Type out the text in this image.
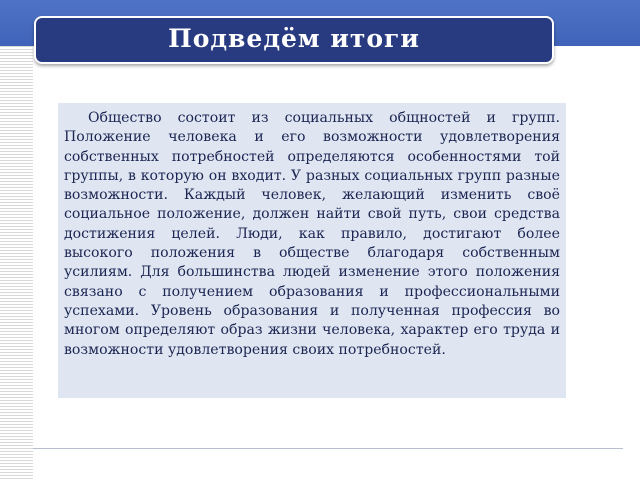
Подведём итоги

Общество состоит из социальных общностей и групп. Положение человека и его возможности удовлетворения собственных потребностей определяются особенностями той группы, в которую он входит. У разных социальных групп разные возможности. Каждый человек, желающий изменить своё социальное положение, должен найти свой путь, свои средства достижения целей. Люди, как правило, достигают более высокого положения в обществе благодаря собственным усилиям. Для большинства людей изменение этого положения связано с получением образования и профессиональными успехами. Уровень образования и полученная профессия во многом определяют образ жизни человека, характер его труда и возможности удовлетворения своих потребностей.
